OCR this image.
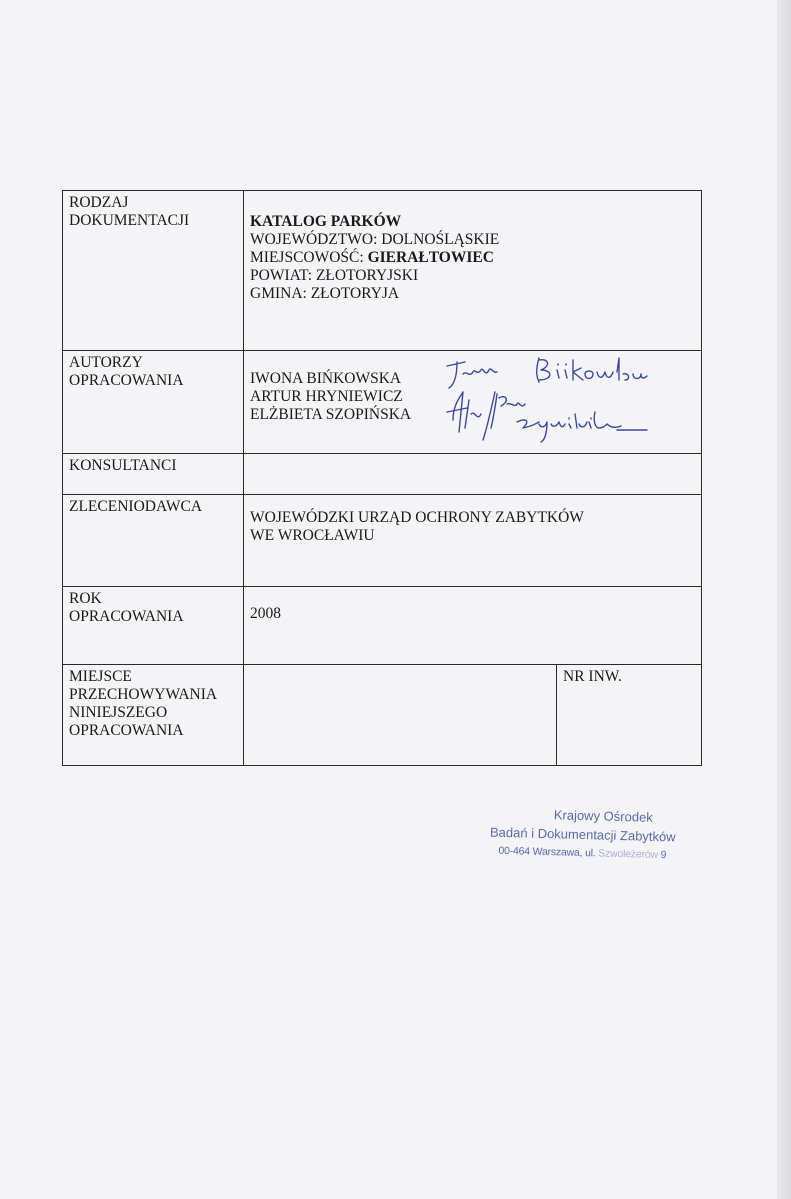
RODZAJ
DOKUMENTACJI	KATALOG PARKÓW
WOJEWÓDZTWO: DOLNOŚLĄSKIE
MIEJSCOWOŚĆ: GIERAŁTOWIEC
POWIAT: ZŁOTORYJSKI
GMINA: ZŁOTORYJA	

AUTORZY
OPRACOWANIA	IWONA BIŃKOWSKA
ARTUR HRYNIEWICZ
ELŻBIETA SZOPIŃSKA	

KONSULTANCI		
ZLECENIODAWCA	WOJEWÓDZKI URZĄD OCHRONY ZABYTKÓW
WE WROCŁAWIU	

ROK
OPRACOWANIA	2008	

MIEJSCE
PRZECHOWYWANIA
NINIEJSZEGO
OPRACOWANIA		NR INW.
Krajowy Ośrodek
Badań i Dokumentacji Zabytków
00-464 Warszawa, ul. Szwoleżerów 9
